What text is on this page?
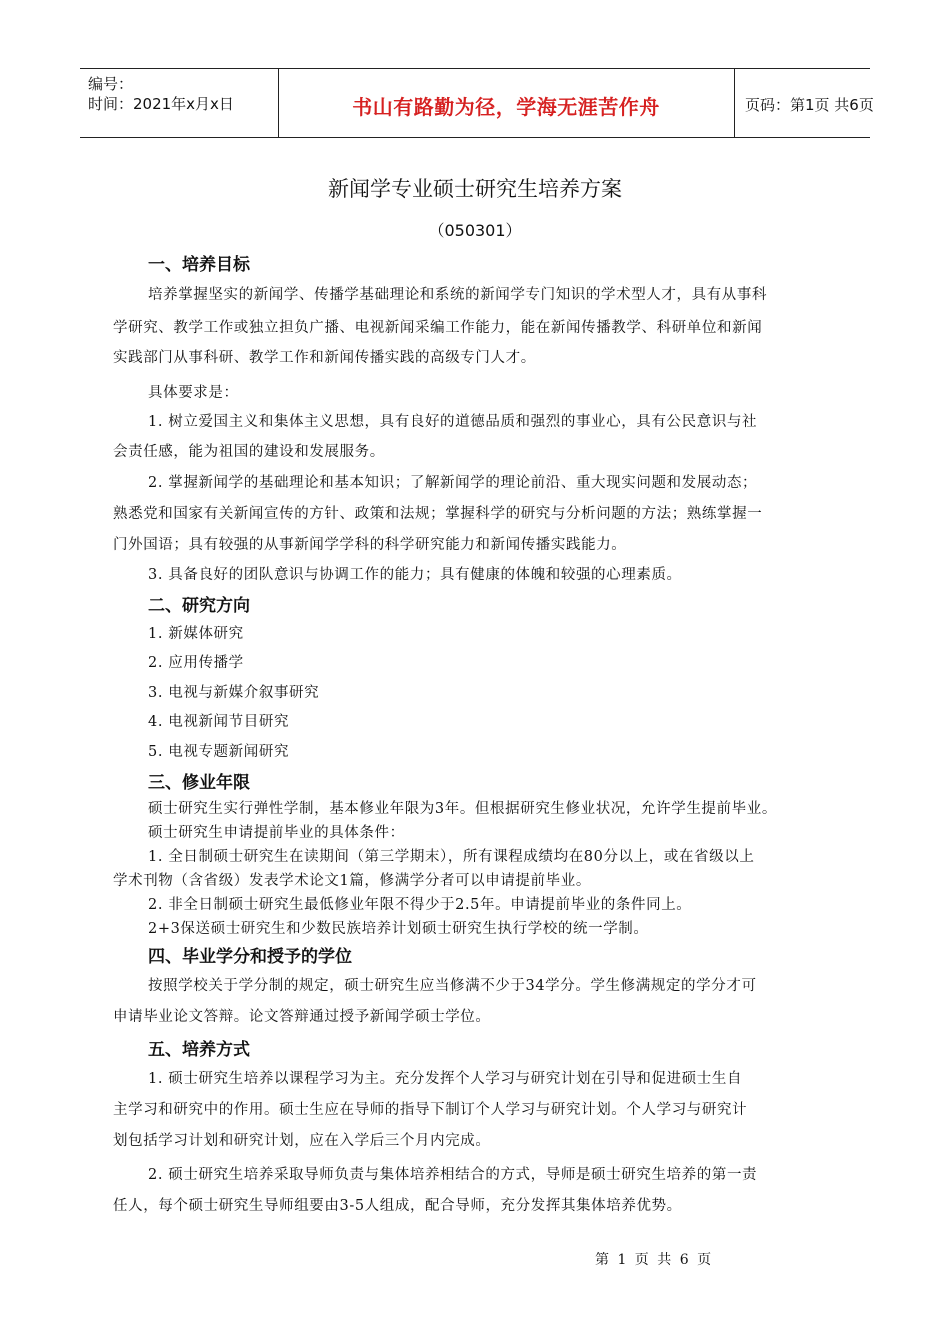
编号：
时间：2021年x月x日	书山有路勤为径，学海无涯苦作舟	页码：第1页 共6页
新闻学专业硕士研究生培养方案
（050301）
一、培养目标
培养掌握坚实的新闻学、传播学基础理论和系统的新闻学专门知识的学术型人才，具有从事科
学研究、教学工作或独立担负广播、电视新闻采编工作能力，能在新闻传播教学、科研单位和新闻
实践部门从事科研、教学工作和新闻传播实践的高级专门人才。
具体要求是：
1. 树立爱国主义和集体主义思想，具有良好的道德品质和强烈的事业心，具有公民意识与社
会责任感，能为祖国的建设和发展服务。
2. 掌握新闻学的基础理论和基本知识；了解新闻学的理论前沿、重大现实问题和发展动态；
熟悉党和国家有关新闻宣传的方针、政策和法规；掌握科学的研究与分析问题的方法；熟练掌握一
门外国语；具有较强的从事新闻学学科的科学研究能力和新闻传播实践能力。
3. 具备良好的团队意识与协调工作的能力；具有健康的体魄和较强的心理素质。
二、研究方向
1. 新媒体研究
2. 应用传播学
3. 电视与新媒介叙事研究
4. 电视新闻节目研究
5. 电视专题新闻研究
三、修业年限
硕士研究生实行弹性学制，基本修业年限为3年。但根据研究生修业状况，允许学生提前毕业。
硕士研究生申请提前毕业的具体条件：
1. 全日制硕士研究生在读期间（第三学期末），所有课程成绩均在80分以上，或在省级以上
学术刊物（含省级）发表学术论文1篇，修满学分者可以申请提前毕业。
2. 非全日制硕士研究生最低修业年限不得少于2.5年。申请提前毕业的条件同上。
2+3保送硕士研究生和少数民族培养计划硕士研究生执行学校的统一学制。
四、毕业学分和授予的学位
按照学校关于学分制的规定，硕士研究生应当修满不少于34学分。学生修满规定的学分才可
申请毕业论文答辩。论文答辩通过授予新闻学硕士学位。
五、培养方式
1. 硕士研究生培养以课程学习为主。充分发挥个人学习与研究计划在引导和促进硕士生自
主学习和研究中的作用。硕士生应在导师的指导下制订个人学习与研究计划。个人学习与研究计
划包括学习计划和研究计划，应在入学后三个月内完成。
2. 硕士研究生培养采取导师负责与集体培养相结合的方式，导师是硕士研究生培养的第一责
任人，每个硕士研究生导师组要由3-5人组成，配合导师，充分发挥其集体培养优势。
第 1 页 共 6 页
